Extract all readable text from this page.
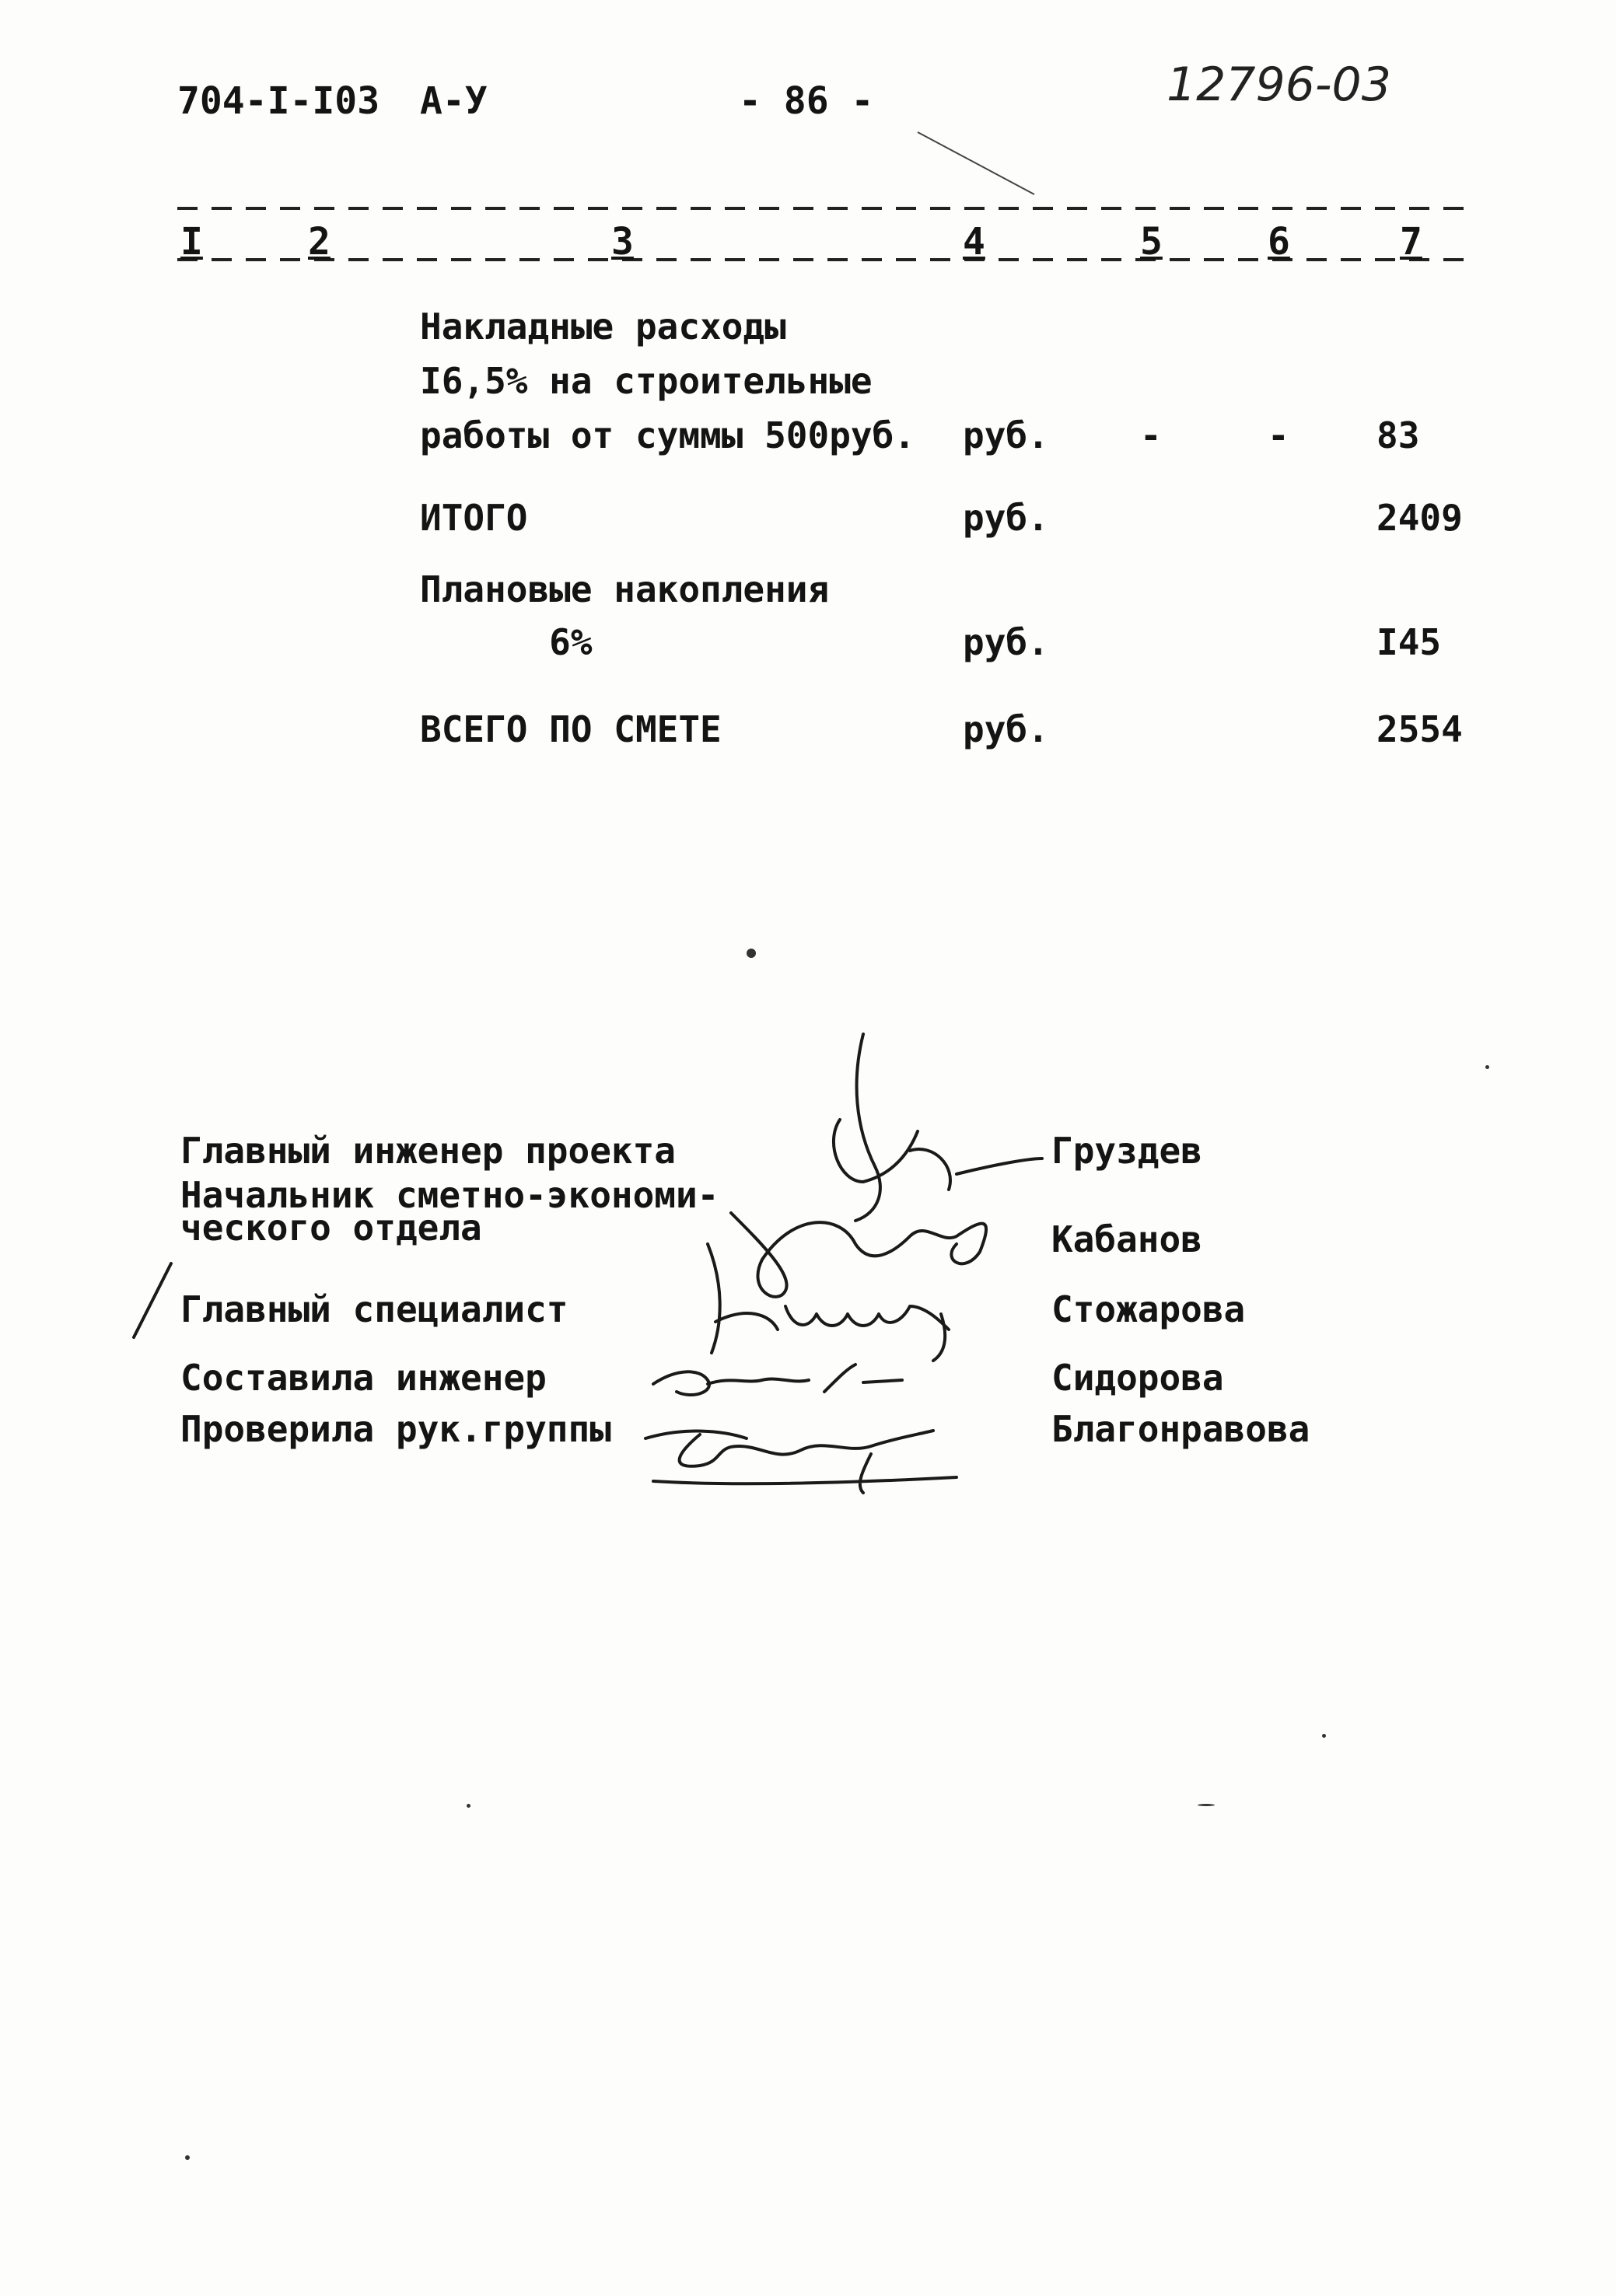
704-I-I03 А-У	- 86 -	12796-03
I	2	3	4	5	6	7
Накладные расходы
I6,5% на строительные
работы от суммы 500руб. руб.	-	- 83
ИТОГО	руб.	2409
Плановые накопления
6%	руб.	I45
ВСЕГО ПО СМЕТЕ	руб.	2554
Главный инженер проекта	Груздев
Начальник сметно-экономи-
ческого отдела	Кабанов
Главный специалист	Стожарова
Составила инженер	Сидорова
Проверила рук.группы	Благонравова
